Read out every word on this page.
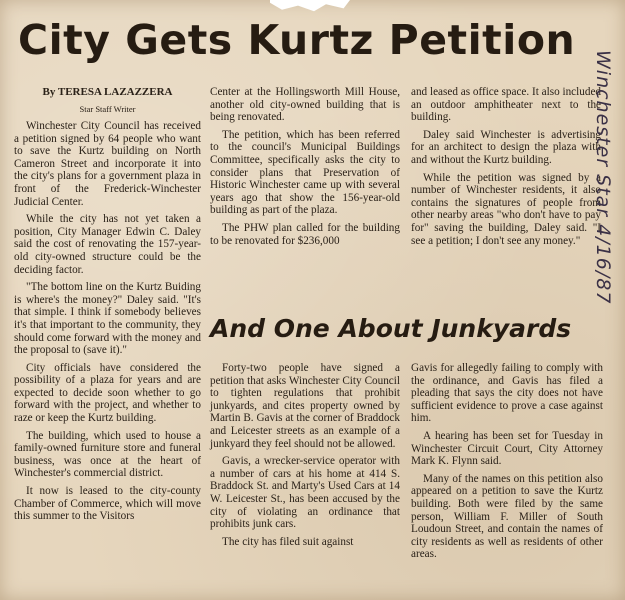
City Gets Kurtz Petition

By TERESA LAZAZZERA

Star Staff Writer

Winchester City Council has received a petition signed by 64 people who want to save the Kurtz building on North Cameron Street and incorporate it into the city's plans for a government plaza in front of the Frederick-Winchester Judicial Center.

While the city has not yet taken a position, City Manager Edwin C. Daley said the cost of renovating the 157-year-old city-owned structure could be the deciding factor.

"The bottom line on the Kurtz Buiding is where's the money?" Daley said. "It's that simple. I think if somebody believes it's that important to the community, they should come forward with the money and the proposal to (save it)."

City officials have considered the possibility of a plaza for years and are expected to decide soon whether to go forward with the project, and whether to raze or keep the Kurtz building.

The building, which used to house a family-owned furniture store and funeral business, was once at the heart of Winchester's commercial district.

It now is leased to the city-county Chamber of Commerce, which will move this summer to the Visitors

Center at the Hollingsworth Mill House, another old city-owned building that is being renovated.

The petition, which has been referred to the council's Municipal Buildings Committee, specifically asks the city to consider plans that Preservation of Historic Winchester came up with several years ago that show the 156-year-old building as part of the plaza.

The PHW plan called for the building to be renovated for $236,000

and leased as office space. It also included an outdoor amphitheater next to the building.

Daley said Winchester is advertising for an architect to design the plaza with and without the Kurtz building.

While the petition was signed by a number of Winchester residents, it also contains the signatures of people from other nearby areas "who don't have to pay for" saving the building, Daley said. "I see a petition; I don't see any money."

And One About Junkyards

Forty-two people have signed a petition that asks Winchester City Council to tighten regulations that prohibit junkyards, and cites property owned by Martin B. Gavis at the corner of Braddock and Leicester streets as an example of a junkyard they feel should not be allowed.

Gavis, a wrecker-service operator with a number of cars at his home at 414 S. Braddock St. and Marty's Used Cars at 14 W. Leicester St., has been accused by the city of violating an ordinance that prohibits junk cars.

The city has filed suit against

Gavis for allegedly failing to comply with the ordinance, and Gavis has filed a pleading that says the city does not have sufficient evidence to prove a case against him.

A hearing has been set for Tuesday in Winchester Circuit Court, City Attorney Mark K. Flynn said.

Many of the names on this petition also appeared on a petition to save the Kurtz building. Both were filed by the same person, William F. Miller of South Loudoun Street, and contain the names of city residents as well as residents of other areas.

Winchester Star 4/16/87
